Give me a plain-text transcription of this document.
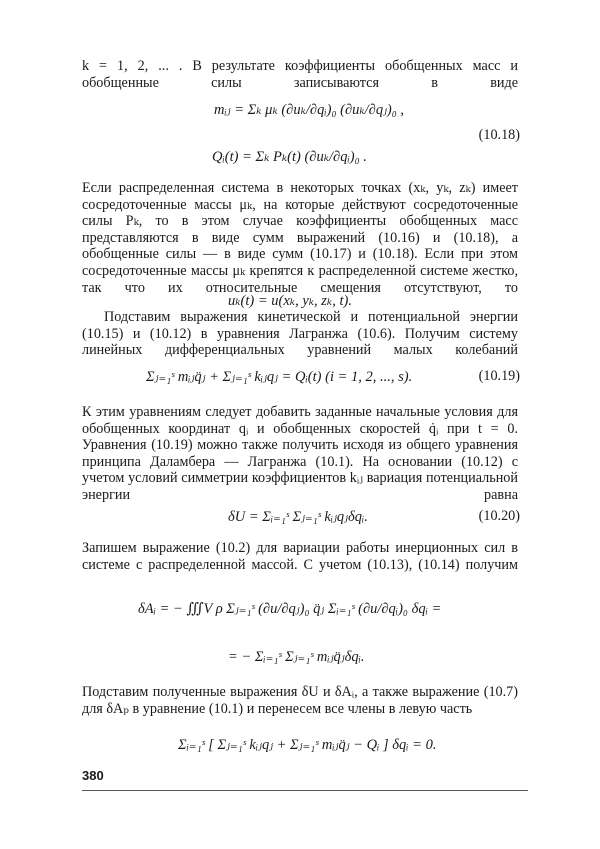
k = 1, 2, ... . В результате коэффициенты обобщенных масс и обобщенные силы записываются в виде
mᵢⱼ = Σₖ μₖ (∂uₖ/∂qᵢ)₀ (∂uₖ/∂qⱼ)₀ ,
Qᵢ(t) = Σₖ Pₖ(t) (∂uₖ/∂qᵢ)₀ .
(10.18)
Если распределенная система в некоторых точках (xₖ, yₖ, zₖ) имеет сосредоточенные массы μₖ, на которые действуют сосредоточенные силы Pₖ, то в этом случае коэффициенты обобщенных масс представляются в виде сумм выражений (10.16) и (10.18), а обобщенные силы — в виде сумм (10.17) и (10.18). Если при этом сосредоточенные массы μₖ крепятся к распределенной системе жестко, так что их относительные смещения отсутствуют, то
uₖ(t) = u(xₖ, yₖ, zₖ, t).
Подставим выражения кинетической и потенциальной энергии (10.15) и (10.12) в уравнения Лагранжа (10.6). Получим систему линейных дифференциальных уравнений малых колебаний
Σⱼ₌₁ˢ mᵢⱼq̈ⱼ + Σⱼ₌₁ˢ kᵢⱼqⱼ = Qᵢ(t) (i = 1, 2, ..., s).	(10.19)
К этим уравнениям следует добавить заданные начальные условия для обобщенных координат qᵢ и обобщенных скоростей q̇ᵢ при t = 0. Уравнения (10.19) можно также получить исходя из общего уравнения принципа Даламбера — Лагранжа (10.1). На основании (10.12) с учетом условий симметрии коэффициентов kᵢⱼ вариация потенциальной энергии равна
δU = Σᵢ₌₁ˢ Σⱼ₌₁ˢ kᵢⱼqⱼδqᵢ.	(10.20)
Запишем выражение (10.2) для вариации работы инерционных сил в системе с распределенной массой. С учетом (10.13), (10.14) получим
δAᵢ = − ∭V ρ Σⱼ₌₁ˢ (∂u/∂qⱼ)₀ q̈ⱼ Σᵢ₌₁ˢ (∂u/∂qᵢ)₀ δqᵢ =
= − Σᵢ₌₁ˢ Σⱼ₌₁ˢ mᵢⱼq̈ⱼδqᵢ.
Подставим полученные выражения δU и δAᵢ, а также выражение (10.7) для δAₚ в уравнение (10.1) и перенесем все члены в левую часть
Σᵢ₌₁ˢ [ Σⱼ₌₁ˢ kᵢⱼqⱼ + Σⱼ₌₁ˢ mᵢⱼq̈ⱼ − Qᵢ ] δqᵢ = 0.
380
